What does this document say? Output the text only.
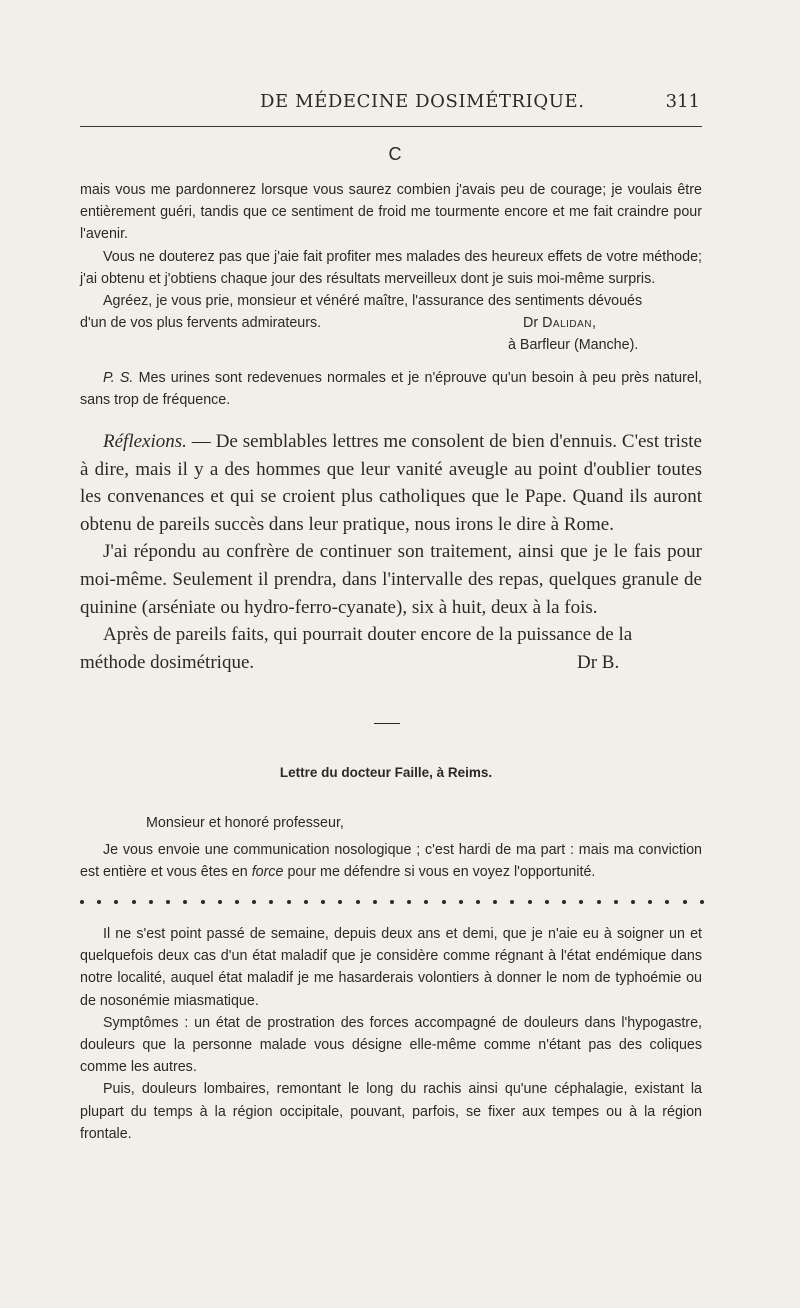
DE MÉDECINE DOSIMÉTRIQUE.	311
C

mais vous me pardonnerez lorsque vous saurez combien j'avais peu de courage; je voulais être entièrement guéri, tandis que ce sentiment de froid me tourmente encore et me fait craindre pour l'avenir.

Vous ne douterez pas que j'aie fait profiter mes malades des heureux effets de votre méthode; j'ai obtenu et j'obtiens chaque jour des résultats merveilleux dont je suis moi-même surpris.

Agréez, je vous prie, monsieur et vénéré maître, l'assurance des sentiments dévoués

d'un de vos plus fervents admirateurs.	Dr Dalidan,
à Barfleur (Manche).

P. S. Mes urines sont redevenues normales et je n'éprouve qu'un besoin à peu près naturel, sans trop de fréquence.

Réflexions. — De semblables lettres me consolent de bien d'ennuis. C'est triste à dire, mais il y a des hommes que leur vanité aveugle au point d'oublier toutes les convenances et qui se croient plus catholiques que le Pape. Quand ils auront obtenu de pareils succès dans leur pratique, nous irons le dire à Rome.

J'ai répondu au confrère de continuer son traitement, ainsi que je le fais pour moi-même. Seulement il prendra, dans l'intervalle des repas, quelques granule de quinine (arséniate ou hydro-ferro-cyanate), six à huit, deux à la fois.

Après de pareils faits, qui pourrait douter encore de la puissance de la

méthode dosimétrique.	Dr B.
Lettre du docteur Faille, à Reims.
Monsieur et honoré professeur,

Je vous envoie une communication nosologique ; c'est hardi de ma part : mais ma conviction est entière et vous êtes en force pour me défendre si vous en voyez l'opportunité.

Il ne s'est point passé de semaine, depuis deux ans et demi, que je n'aie eu à soigner un et quelquefois deux cas d'un état maladif que je considère comme régnant à l'état endémique dans notre localité, auquel état maladif je me hasarderais volontiers à donner le nom de typhoémie ou de nosonémie miasmatique.

Symptômes : un état de prostration des forces accompagné de douleurs dans l'hypogastre, douleurs que la personne malade vous désigne elle-même comme n'étant pas des coliques comme les autres.

Puis, douleurs lombaires, remontant le long du rachis ainsi qu'une céphalagie, existant la plupart du temps à la région occipitale, pouvant, parfois, se fixer aux tempes ou à la région frontale.
